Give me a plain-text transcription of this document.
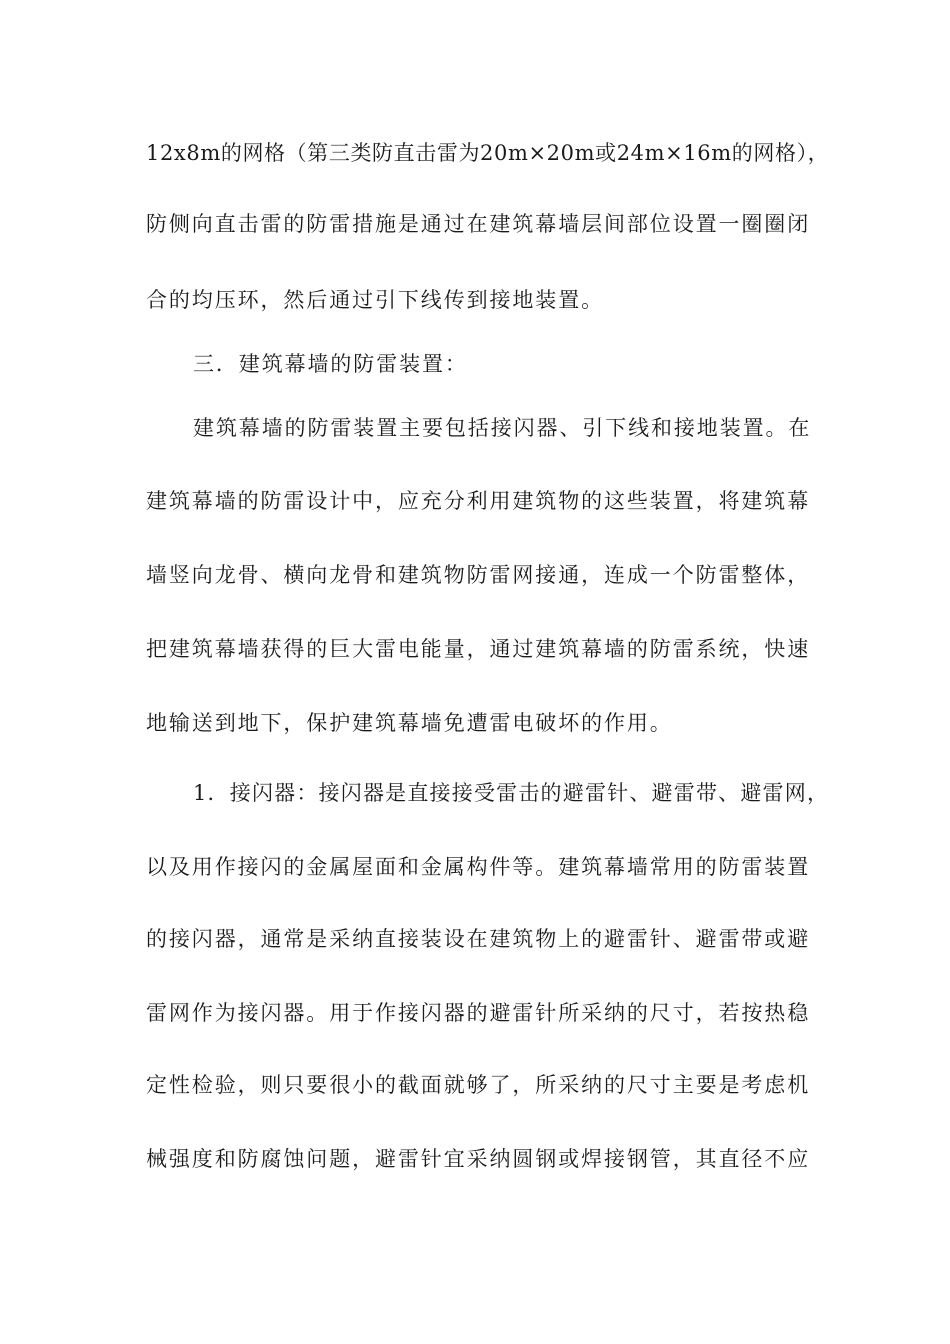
12x8m的网格（第三类防直击雷为20m×20m或24m×16m的网格），
防侧向直击雷的防雷措施是通过在建筑幕墙层间部位设置一圈圈闭
合的均压环，然后通过引下线传到接地装置。
三．建筑幕墙的防雷装置：
建筑幕墙的防雷装置主要包括接闪器、引下线和接地装置。在
建筑幕墙的防雷设计中，应充分利用建筑物的这些装置，将建筑幕
墙竖向龙骨、横向龙骨和建筑物防雷网接通，连成一个防雷整体，
把建筑幕墙获得的巨大雷电能量，通过建筑幕墙的防雷系统，快速
地输送到地下，保护建筑幕墙免遭雷电破坏的作用。
1．接闪器：接闪器是直接接受雷击的避雷针、避雷带、避雷网，
以及用作接闪的金属屋面和金属构件等。建筑幕墙常用的防雷装置
的接闪器，通常是采纳直接装设在建筑物上的避雷针、避雷带或避
雷网作为接闪器。用于作接闪器的避雷针所采纳的尺寸，若按热稳
定性检验，则只要很小的截面就够了，所采纳的尺寸主要是考虑机
械强度和防腐蚀问题，避雷针宜采纳圆钢或焊接钢管，其直径不应
